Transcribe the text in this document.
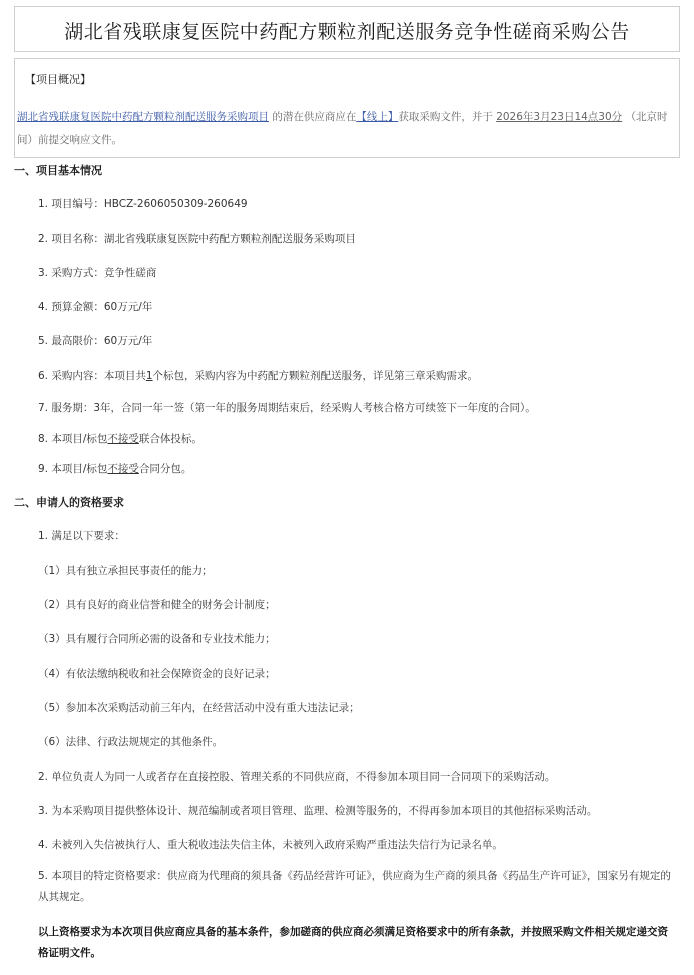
湖北省残联康复医院中药配方颗粒剂配送服务竞争性磋商采购公告
【项目概况】
湖北省残联康复医院中药配方颗粒剂配送服务采购项目 的潜在供应商应在【线上】获取采购文件，并于 2026年3月23日14点30分 （北京时间）前提交响应文件。
一、项目基本情况
1. 项目编号：HBCZ-2606050309-260649
2. 项目名称：湖北省残联康复医院中药配方颗粒剂配送服务采购项目
3. 采购方式：竞争性磋商
4. 预算金额：60万元/年
5. 最高限价：60万元/年
6. 采购内容：本项目共1个标包，采购内容为中药配方颗粒剂配送服务，详见第三章采购需求。
7. 服务期：3年，合同一年一签（第一年的服务周期结束后，经采购人考核合格方可续签下一年度的合同）。
8. 本项目/标包不接受联合体投标。
9. 本项目/标包不接受合同分包。
二、申请人的资格要求
1. 满足以下要求：
（1）具有独立承担民事责任的能力；
（2）具有良好的商业信誉和健全的财务会计制度；
（3）具有履行合同所必需的设备和专业技术能力；
（4）有依法缴纳税收和社会保障资金的良好记录；
（5）参加本次采购活动前三年内，在经营活动中没有重大违法记录；
（6）法律、行政法规规定的其他条件。
2. 单位负责人为同一人或者存在直接控股、管理关系的不同供应商，不得参加本项目同一合同项下的采购活动。
3. 为本采购项目提供整体设计、规范编制或者项目管理、监理、检测等服务的，不得再参加本项目的其他招标采购活动。
4. 未被列入失信被执行人、重大税收违法失信主体，未被列入政府采购严重违法失信行为记录名单。
5. 本项目的特定资格要求：供应商为代理商的须具备《药品经营许可证》，供应商为生产商的须具备《药品生产许可证》，国家另有规定的从其规定。
以上资格要求为本次项目供应商应具备的基本条件，参加磋商的供应商必须满足资格要求中的所有条款，并按照采购文件相关规定递交资格证明文件。
